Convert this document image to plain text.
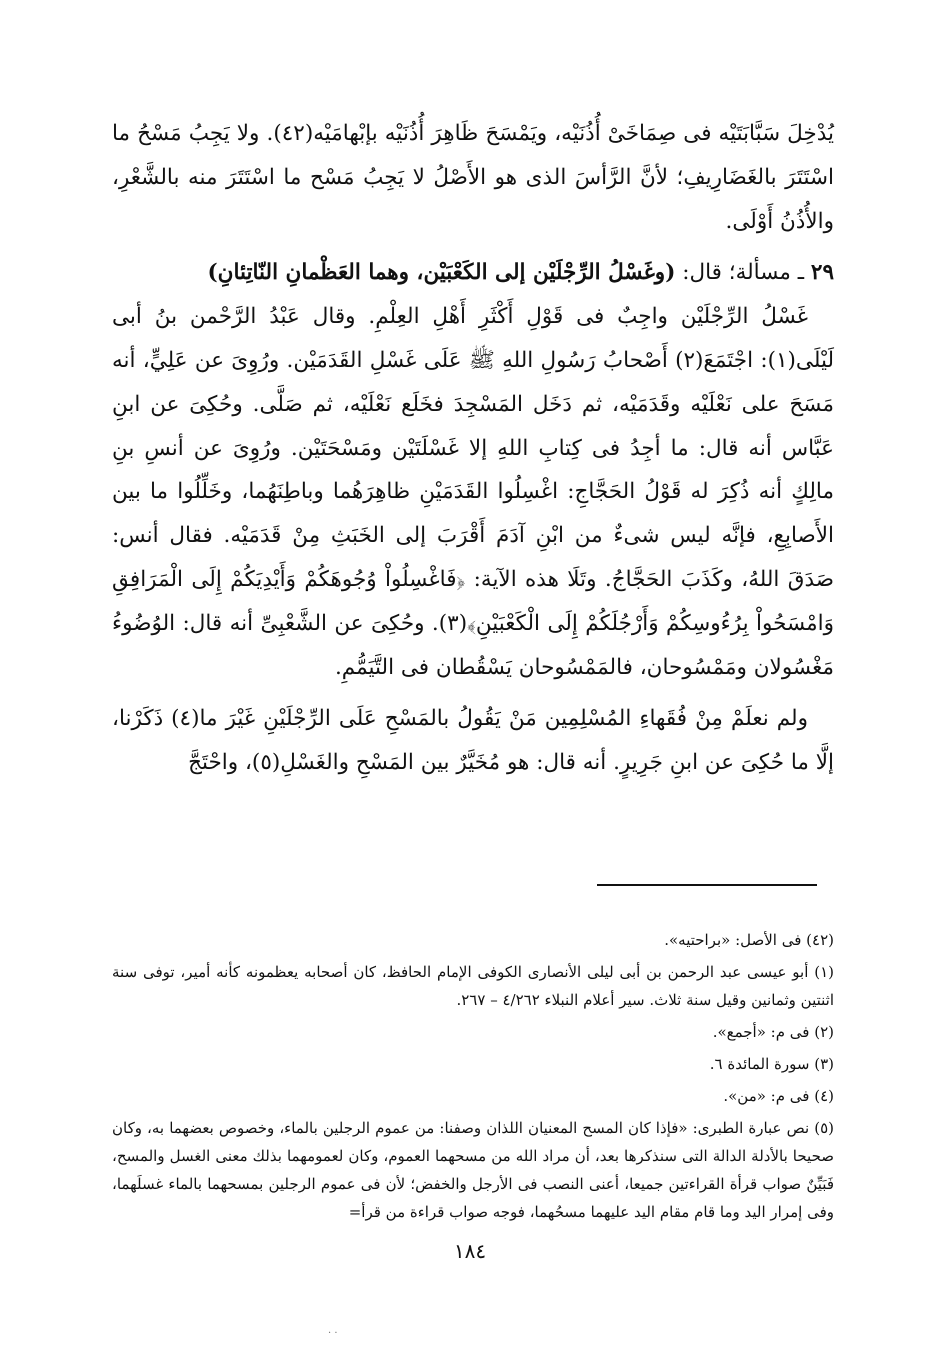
يُدْخِلَ سَبَّابَتَيْه فى صِمَاخَىْ أُذُنَيْه، ويَمْسَحَ ظَاهِرَ أُذُنَيْه بإبْهامَيْه(٤٢). ولا يَجِبُ مَسْحُ ما اسْتَتَرَ بالغَضَارِيفِ؛ لأنَّ الرَّأسَ الذى هو الأَصْلُ لا يَجِبُ مَسْح ما اسْتَتَرَ منه بالشَّعْرِ، والأُذُنُ أَوْلَى.

٢٩ ـ مسألة؛ قال: (وغَسْلُ الرِّجْلَيْن إلى الكَعْبَيْن، وهما العَظْمانِ النّاتِئانِ)

غَسْلُ الرِّجْلَيْن واجِبٌ فى قَوْلِ أَكْثَرِ أَهْلِ العِلْمِ. وقال عَبْدُ الرَّحْمن بنُ أبى لَيْلَى(١): اجْتَمَعَ(٢) أَصْحابُ رَسُولِ اللهِ ﷺ عَلَى غَسْلِ القَدَمَيْن. ورُوِىَ عن عَلِيٍّ، أنه مَسَحَ على نَعْلَيْه وقَدَمَيْه، ثم دَخَل المَسْجِدَ فخَلَع نَعْلَيْه، ثم صَلَّى. وحُكِىَ عن ابنِ عَبَّاس أنه قال: ما أجِدُ فى كِتابِ اللهِ إلا غَسْلَتَيْن ومَسْحَتَيْن. ورُوِىَ عن أنسِ بنِ مالِكٍ أنه ذُكِرَ له قَوْلُ الحَجَّاجِ: اغْسِلُوا القَدَمَيْنِ ظاهِرَهُما وباطِنَهُما، وخَلِّلُوا ما بين الأَصابِعِ، فإنَّه ليس شىءٌ من ابْنِ آدَمَ أَقْرَبَ إلى الخَبَثِ مِنْ قَدَمَيْه. فقال أنس: صَدَقَ اللهُ، وكَذَبَ الحَجَّاجُ. وتَلَا هذه الآية: ﴿فَاغْسِلُواْ وُجُوهَكُمْ وَأَيْدِيَكُمْ إِلَى الْمَرَافِقِ وَامْسَحُواْ بِرُءُوسِكُمْ وَأَرْجُلَكُمْ إِلَى الْكَعْبَيْنِ﴾(٣). وحُكِىَ عن الشَّعْبِىِّ أنه قال: الوُضُوءُ مَغْسُولان ومَمْسُوحان، فالمَمْسُوحان يَسْقُطان فى التَّيَمُّمِ.

ولم نعلَمْ مِنْ فُقَهاءِ المُسْلِمِين مَنْ يَقُولُ بالمَسْحِ عَلَى الرِّجْلَيْنِ غَيْرَ ما(٤) ذَكَرْنا، إلَّا ما حُكِىَ عن ابنِ جَرِيرٍ. أنه قال: هو مُخَيَّرٌ بين المَسْحِ والغَسْلِ(٥)، واحْتَجَّ

(٤٢) فى الأصل: «براحتيه».

(١) أبو عيسى عبد الرحمن بن أبى ليلى الأنصارى الكوفى الإمام الحافظ، كان أصحابه يعظمونه كأنه أمير، توفى سنة اثنتين وثمانين وقيل سنة ثلاث. سير أعلام النبلاء ٤/٢٦٢ – ٢٦٧.

(٢) فى م: «أجمع».

(٣) سورة المائدة ٦.

(٤) فى م: «من».

(٥) نص عبارة الطبرى: «فإذا كان المسح المعنيان اللذان وصفنا: من عموم الرجلين بالماء، وخصوص بعضهما به، وكان صحيحا بالأدلة الدالة التى سنذكرها بعد، أن مراد الله من مسحهما العموم، وكان لعمومهما بذلك معنى الغسل والمسح، فَبَيِّنٌ صواب قرأة القراءتين جميعا، أعنى النصب فى الأرجل والخفض؛ لأن فى عموم الرجلين بمسحهما بالماء غسلَهما، وفى إمرار اليد وما قام مقام اليد عليهما مسحُهما، فوجه صواب قراءة من قرأ=

١٨٤
· ·
